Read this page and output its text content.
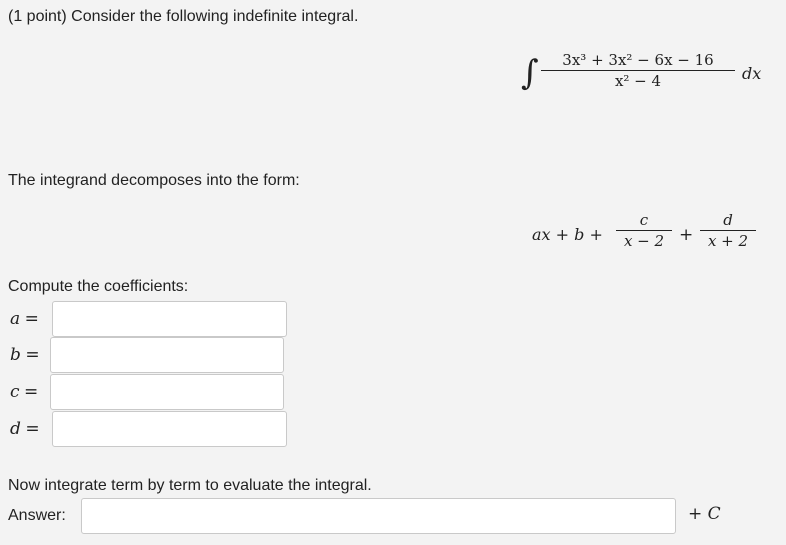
(1 point) Consider the following indefinite integral.
∫ 3x³ + 3x² − 6x − 16
x² − 4	dx
The integrand decomposes into the form:
ax + b +
c
x − 2 +
d
x + 2
Compute the coefficients:
a =
b =
c =
d =
Now integrate term by term to evaluate the integral.
Answer:	+ C
